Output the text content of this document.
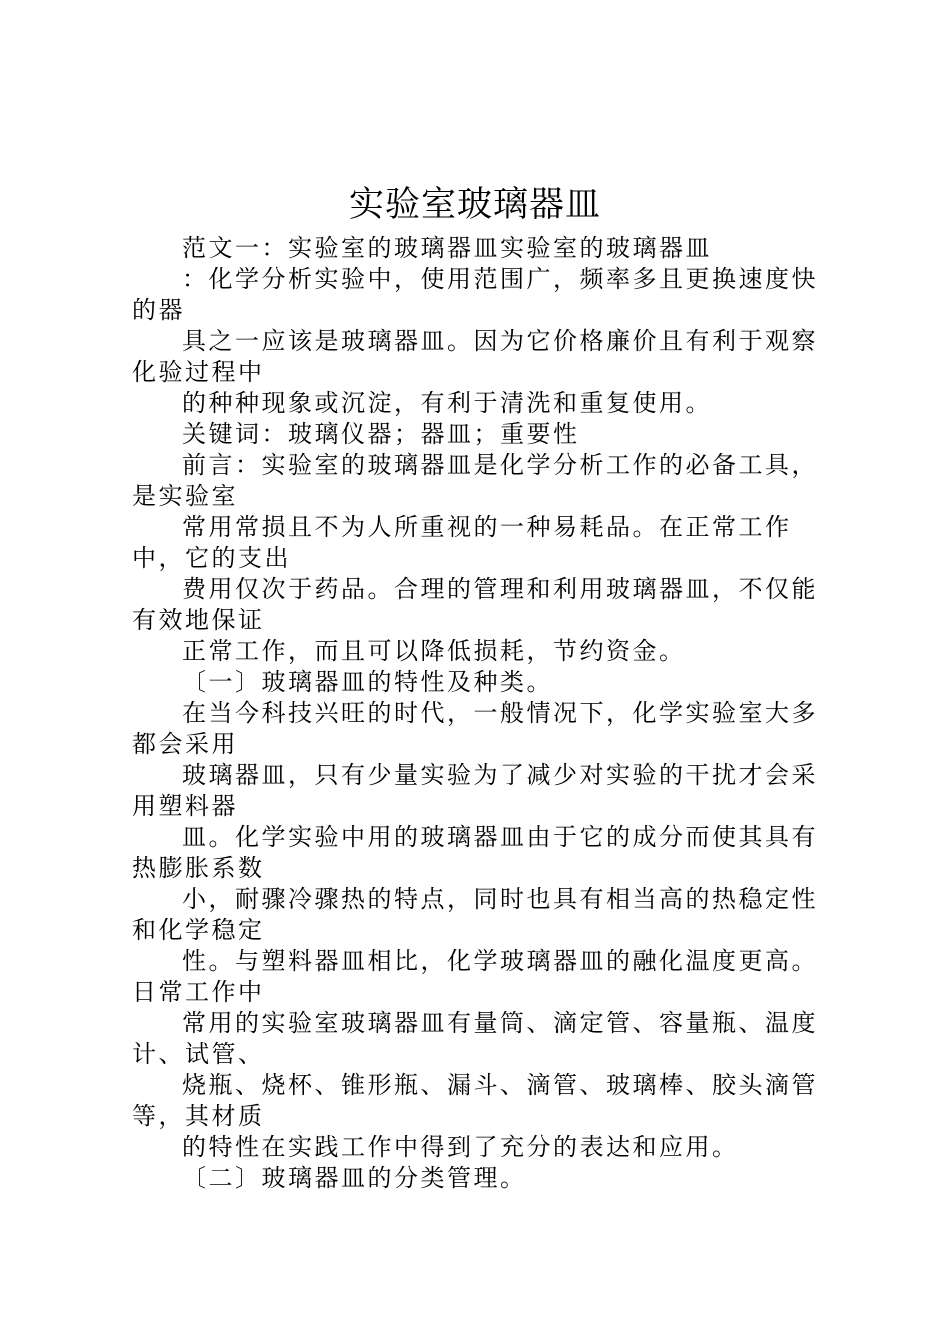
实验室玻璃器皿

范文一：实验室的玻璃器皿实验室的玻璃器皿

：化学分析实验中，使用范围广，频率多且更换速度快的器

具之一应该是玻璃器皿。因为它价格廉价且有利于观察化验过程中

的种种现象或沉淀，有利于清洗和重复使用。

关键词：玻璃仪器；器皿；重要性

前言：实验室的玻璃器皿是化学分析工作的必备工具，是实验室

常用常损且不为人所重视的一种易耗品。在正常工作中，它的支出

费用仅次于药品。合理的管理和利用玻璃器皿，不仅能有效地保证

正常工作，而且可以降低损耗，节约资金。

〔一〕玻璃器皿的特性及种类。

在当今科技兴旺的时代，一般情况下，化学实验室大多都会采用

玻璃器皿，只有少量实验为了减少对实验的干扰才会采用塑料器

皿。化学实验中用的玻璃器皿由于它的成分而使其具有热膨胀系数

小，耐骤冷骤热的特点，同时也具有相当高的热稳定性和化学稳定

性。与塑料器皿相比，化学玻璃器皿的融化温度更高。日常工作中

常用的实验室玻璃器皿有量筒、滴定管、容量瓶、温度计、试管、

烧瓶、烧杯、锥形瓶、漏斗、滴管、玻璃棒、胶头滴管等，其材质

的特性在实践工作中得到了充分的表达和应用。

〔二〕玻璃器皿的分类管理。
